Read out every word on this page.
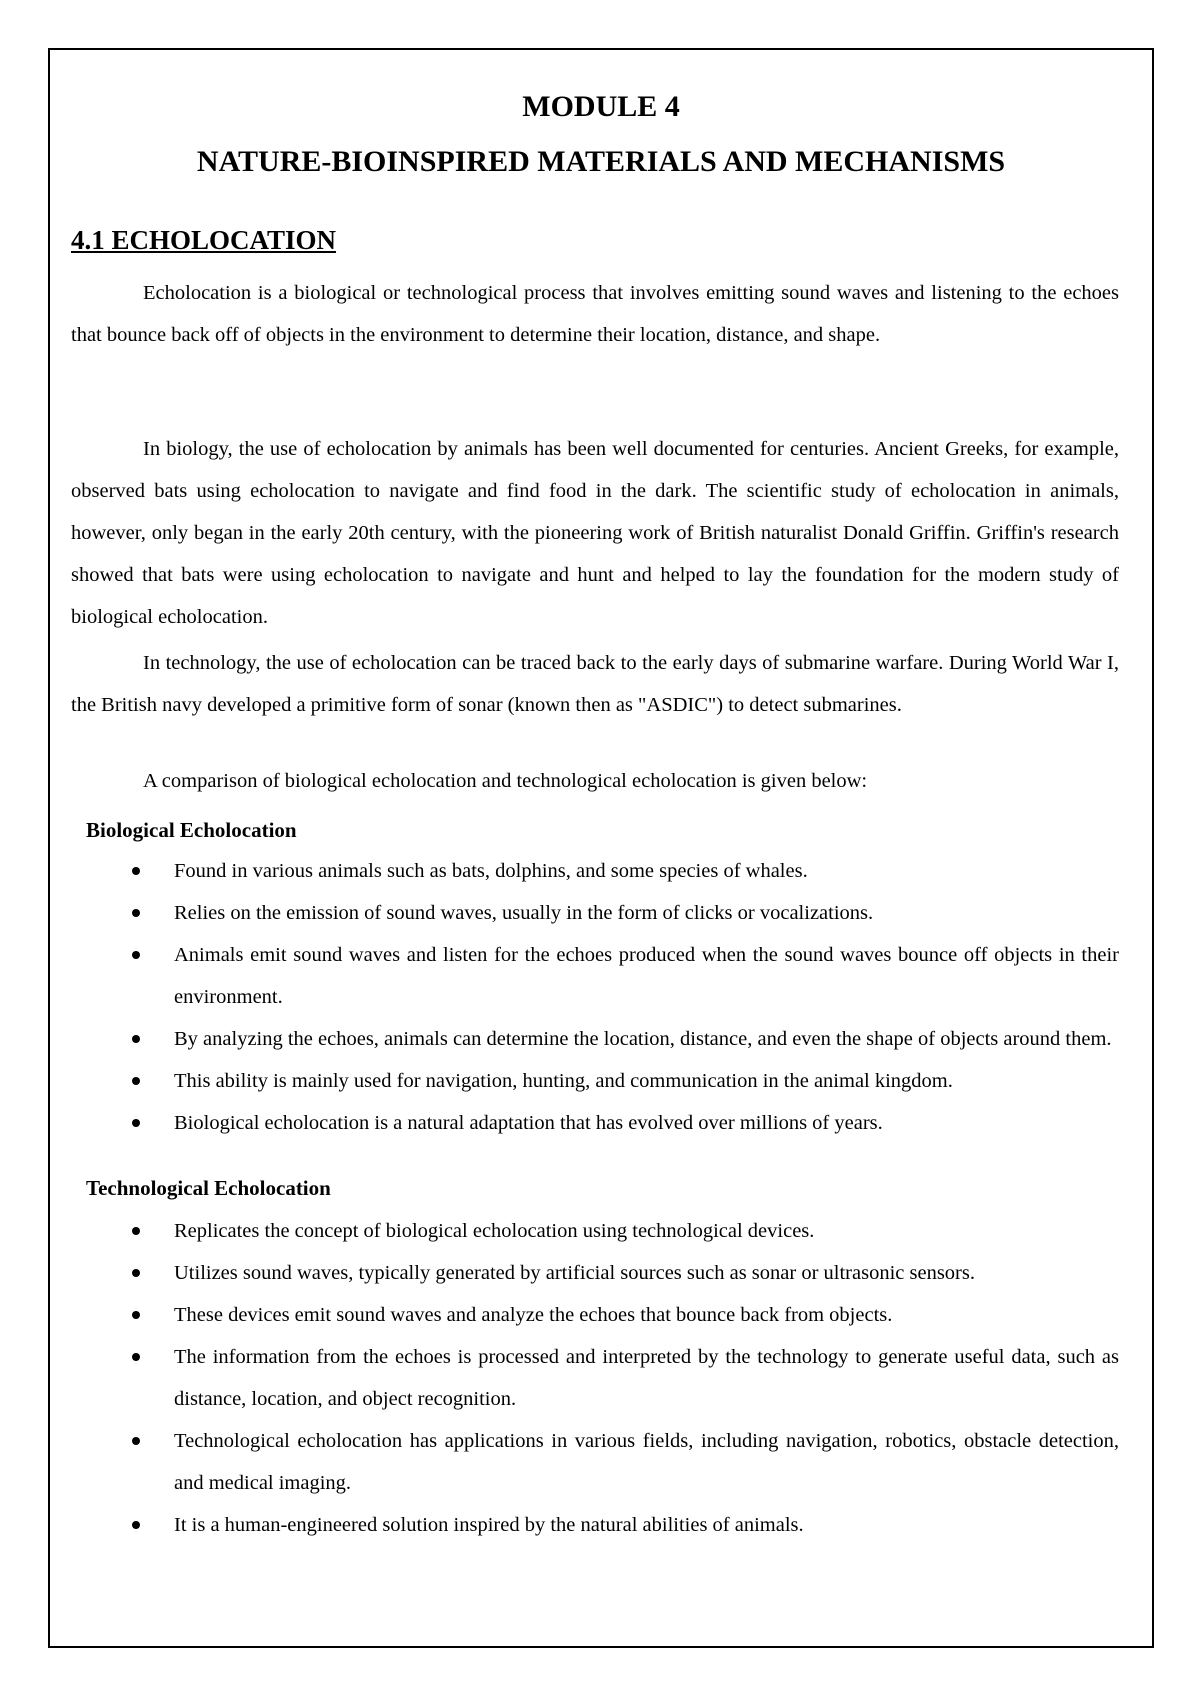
MODULE 4
NATURE-BIOINSPIRED MATERIALS AND MECHANISMS
4.1 ECHOLOCATION

Echolocation is a biological or technological process that involves emitting sound waves and listening to the echoes that bounce back off of objects in the environment to determine their location, distance, and shape.

In biology, the use of echolocation by animals has been well documented for centuries. Ancient Greeks, for example, observed bats using echolocation to navigate and find food in the dark. The scientific study of echolocation in animals, however, only began in the early 20th century, with the pioneering work of British naturalist Donald Griffin. Griffin's research showed that bats were using echolocation to navigate and hunt and helped to lay the foundation for the modern study of biological echolocation.

In technology, the use of echolocation can be traced back to the early days of submarine warfare. During World War I, the British navy developed a primitive form of sonar (known then as "ASDIC") to detect submarines.

A comparison of biological echolocation and technological echolocation is given below:

Biological Echolocation
Found in various animals such as bats, dolphins, and some species of whales.
Relies on the emission of sound waves, usually in the form of clicks or vocalizations.
Animals emit sound waves and listen for the echoes produced when the sound waves bounce off objects in their environment.
By analyzing the echoes, animals can determine the location, distance, and even the shape of objects around them.
This ability is mainly used for navigation, hunting, and communication in the animal kingdom.
Biological echolocation is a natural adaptation that has evolved over millions of years.
Technological Echolocation
Replicates the concept of biological echolocation using technological devices.
Utilizes sound waves, typically generated by artificial sources such as sonar or ultrasonic sensors.
These devices emit sound waves and analyze the echoes that bounce back from objects.
The information from the echoes is processed and interpreted by the technology to generate useful data, such as distance, location, and object recognition.
Technological echolocation has applications in various fields, including navigation, robotics, obstacle detection, and medical imaging.
It is a human-engineered solution inspired by the natural abilities of animals.
